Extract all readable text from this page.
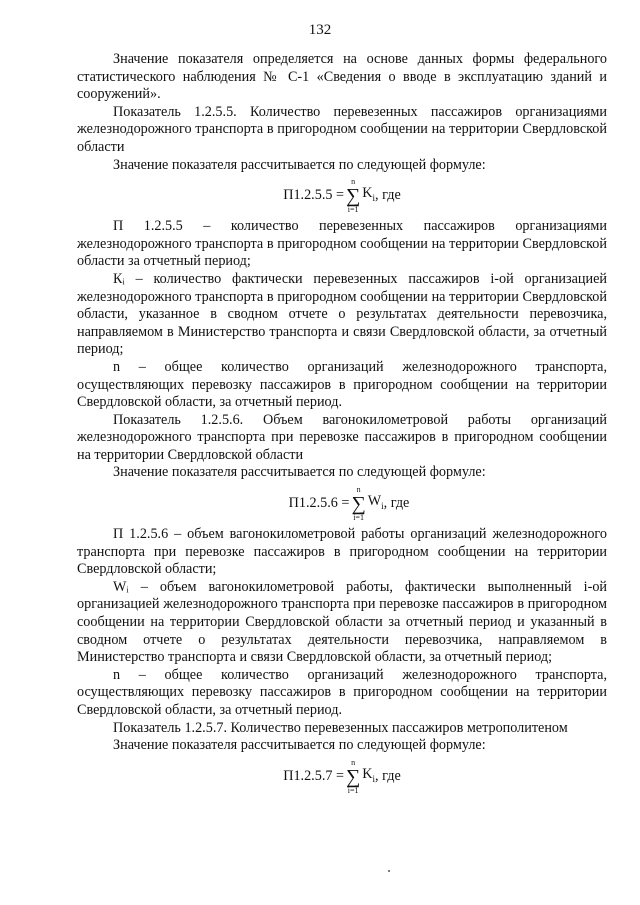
132

Значение показателя определяется на основе данных формы федерального статистического наблюдения № С-1 «Сведения о вводе в эксплуатацию зданий и сооружений».

Показатель 1.2.5.5. Количество перевезенных пассажиров организациями железнодорожного транспорта в пригородном сообщении на территории Свердловской области

Значение показателя рассчитывается по следующей формуле:

П1.2.5.5 =
n
∑
i=1
$K_i$ , где

П 1.2.5.5 – количество перевезенных пассажиров организациями железнодорожного транспорта в пригородном сообщении на территории Свердловской области за отчетный период;

Кᵢ – количество фактически перевезенных пассажиров i-ой организацией железнодорожного транспорта в пригородном сообщении на территории Свердловской области, указанное в сводном отчете о результатах деятельности перевозчика, направляемом в Министерство транспорта и связи Свердловской области, за отчетный период;

n – общее количество организаций железнодорожного транспорта, осуществляющих перевозку пассажиров в пригородном сообщении на территории Свердловской области, за отчетный период.

Показатель 1.2.5.6. Объем вагонокилометровой работы организаций железнодорожного транспорта при перевозке пассажиров в пригородном сообщении на территории Свердловской области

Значение показателя рассчитывается по следующей формуле:

П1.2.5.6 =
n
∑
i=1
$W_i$ , где

П 1.2.5.6 – объем вагонокилометровой работы организаций железнодорожного транспорта при перевозке пассажиров в пригородном сообщении на территории Свердловской области;

Wᵢ – объем вагонокилометровой работы, фактически выполненный i-ой организацией железнодорожного транспорта при перевозке пассажиров в пригородном сообщении на территории Свердловской области за отчетный период и указанный в сводном отчете о результатах деятельности перевозчика, направляемом в Министерство транспорта и связи Свердловской области, за отчетный период;

n – общее количество организаций железнодорожного транспорта, осуществляющих перевозку пассажиров в пригородном сообщении на территории Свердловской области, за отчетный период.

Показатель 1.2.5.7. Количество перевезенных пассажиров метрополитеном

Значение показателя рассчитывается по следующей формуле:

П1.2.5.7 =
n
∑
i=1
$K_i$ , где
